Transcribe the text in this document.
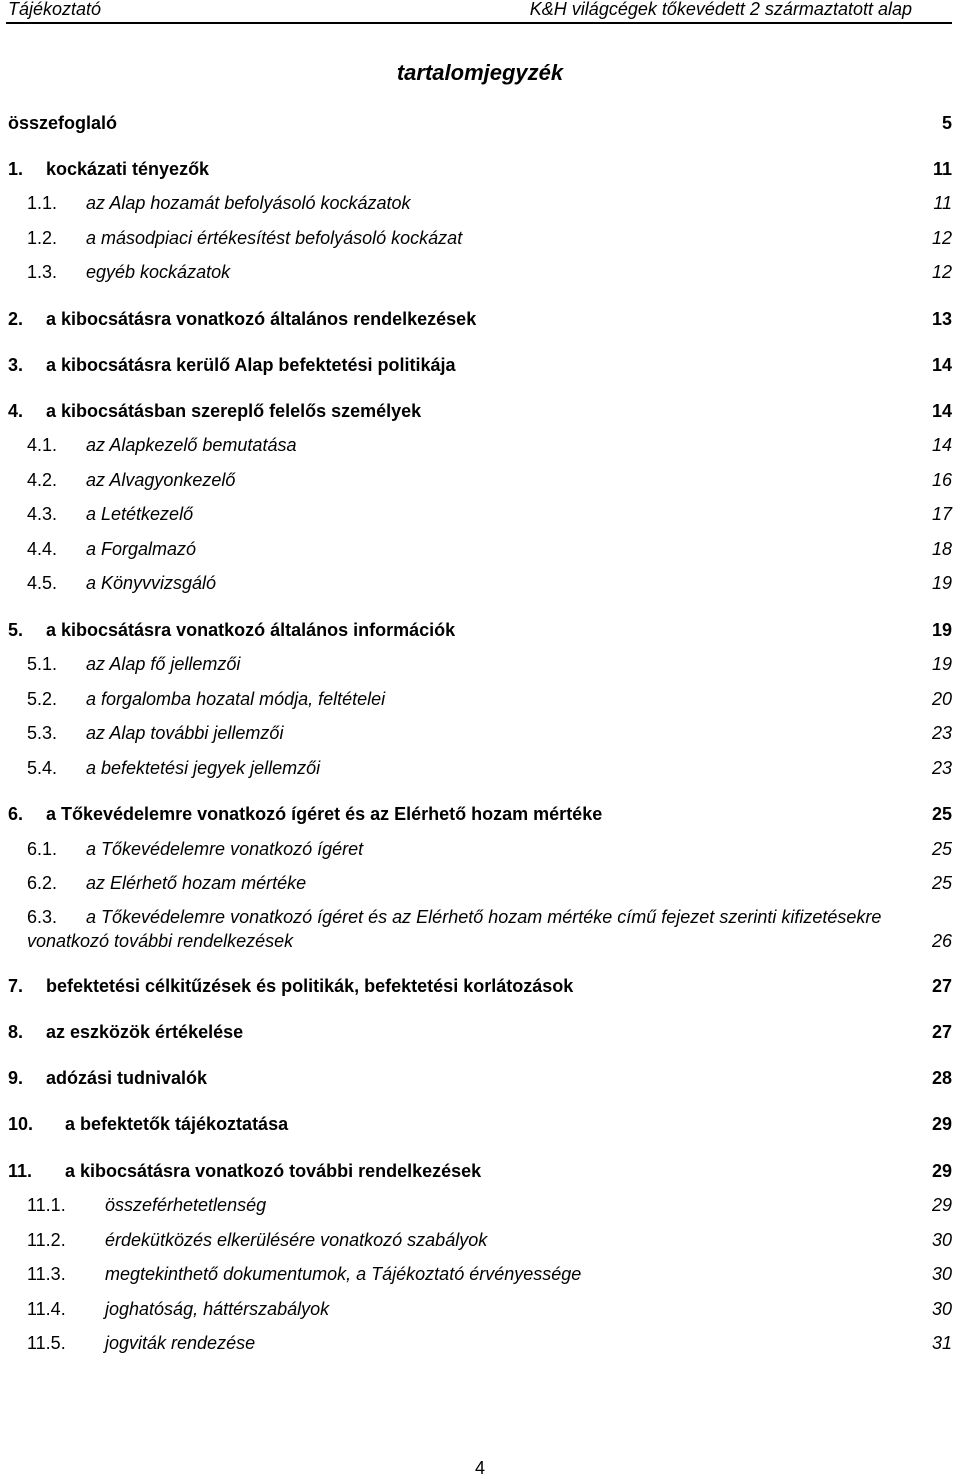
Tájékoztató	K&H világcégek tőkevédett 2 származtatott alap
tartalomjegyzék
összefoglaló	5
1. kockázati tényezők	11
1.1. az Alap hozamát befolyásoló kockázatok	11
1.2. a másodpiaci értékesítést befolyásoló kockázat	12
1.3. egyéb kockázatok	12
2. a kibocsátásra vonatkozó általános rendelkezések	13
3. a kibocsátásra kerülő Alap befektetési politikája	14
4. a kibocsátásban szereplő felelős személyek	14
4.1. az Alapkezelő bemutatása	14
4.2. az Alvagyonkezelő	16
4.3. a Letétkezelő	17
4.4. a Forgalmazó	18
4.5. a Könyvvizsgáló	19
5. a kibocsátásra vonatkozó általános információk	19
5.1. az Alap fő jellemzői	19
5.2. a forgalomba hozatal módja, feltételei	20
5.3. az Alap további jellemzői	23
5.4. a befektetési jegyek jellemzői	23
6. a Tőkevédelemre vonatkozó ígéret és az Elérhető hozam mértéke	25
6.1. a Tőkevédelemre vonatkozó ígéret	25
6.2. az Elérhető hozam mértéke	25
6.3. a Tőkevédelemre vonatkozó ígéret és az Elérhető hozam mértéke című fejezet szerinti kifizetésekre
vonatkozó további rendelkezések	26
7. befektetési célkitűzések és politikák, befektetési korlátozások	27
8. az eszközök értékelése	27
9. adózási tudnivalók	28
10. a befektetők tájékoztatása	29
11. a kibocsátásra vonatkozó további rendelkezések	29
11.1. összeférhetetlenség	29
11.2. érdekütközés elkerülésére vonatkozó szabályok	30
11.3. megtekinthető dokumentumok, a Tájékoztató érvényessége	30
11.4. joghatóság, háttérszabályok	30
11.5. jogviták rendezése	31
4
